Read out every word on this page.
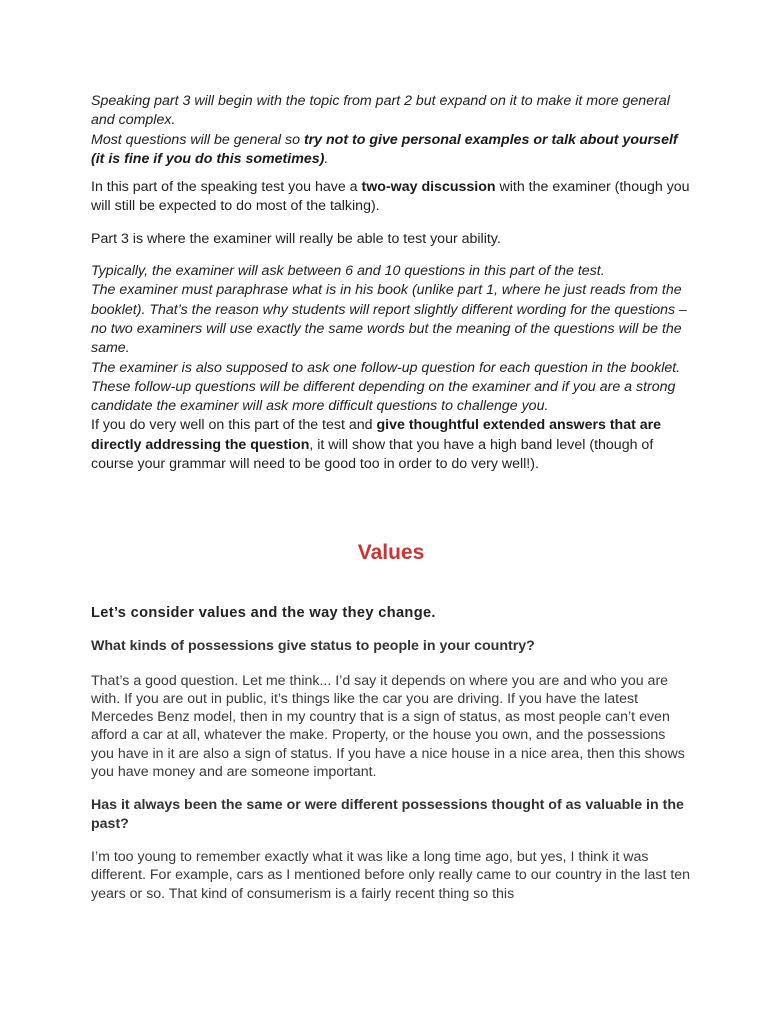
Speaking part 3 will begin with the topic from part 2 but expand on it to make it more general and complex.
Most questions will be general so try not to give personal examples or talk about yourself (it is fine if you do this sometimes).

In this part of the speaking test you have a two-way discussion with the examiner (though you will still be expected to do most of the talking).

Part 3 is where the examiner will really be able to test your ability.

Typically, the examiner will ask between 6 and 10 questions in this part of the test.
The examiner must paraphrase what is in his book (unlike part 1, where he just reads from the booklet). That’s the reason why students will report slightly different wording for the questions – no two examiners will use exactly the same words but the meaning of the questions will be the same.
The examiner is also supposed to ask one follow-up question for each question in the booklet. These follow-up questions will be different depending on the examiner and if you are a strong candidate the examiner will ask more difficult questions to challenge you.

If you do very well on this part of the test and give thoughtful extended answers that are directly addressing the question, it will show that you have a high band level (though of course your grammar will need to be good too in order to do very well!).

Values

Let’s consider values and the way they change.

What kinds of possessions give status to people in your country?

That’s a good question. Let me think... I’d say it depends on where you are and who you are with. If you are out in public, it’s things like the car you are driving. If you have the latest Mercedes Benz model, then in my country that is a sign of status, as most people can’t even afford a car at all, whatever the make. Property, or the house you own, and the possessions you have in it are also a sign of status. If you have a nice house in a nice area, then this shows you have money and are someone important.

Has it always been the same or were different possessions thought of as valuable in the past?

I’m too young to remember exactly what it was like a long time ago, but yes, I think it was different. For example, cars as I mentioned before only really came to our country in the last ten years or so. That kind of consumerism is a fairly recent thing so this
